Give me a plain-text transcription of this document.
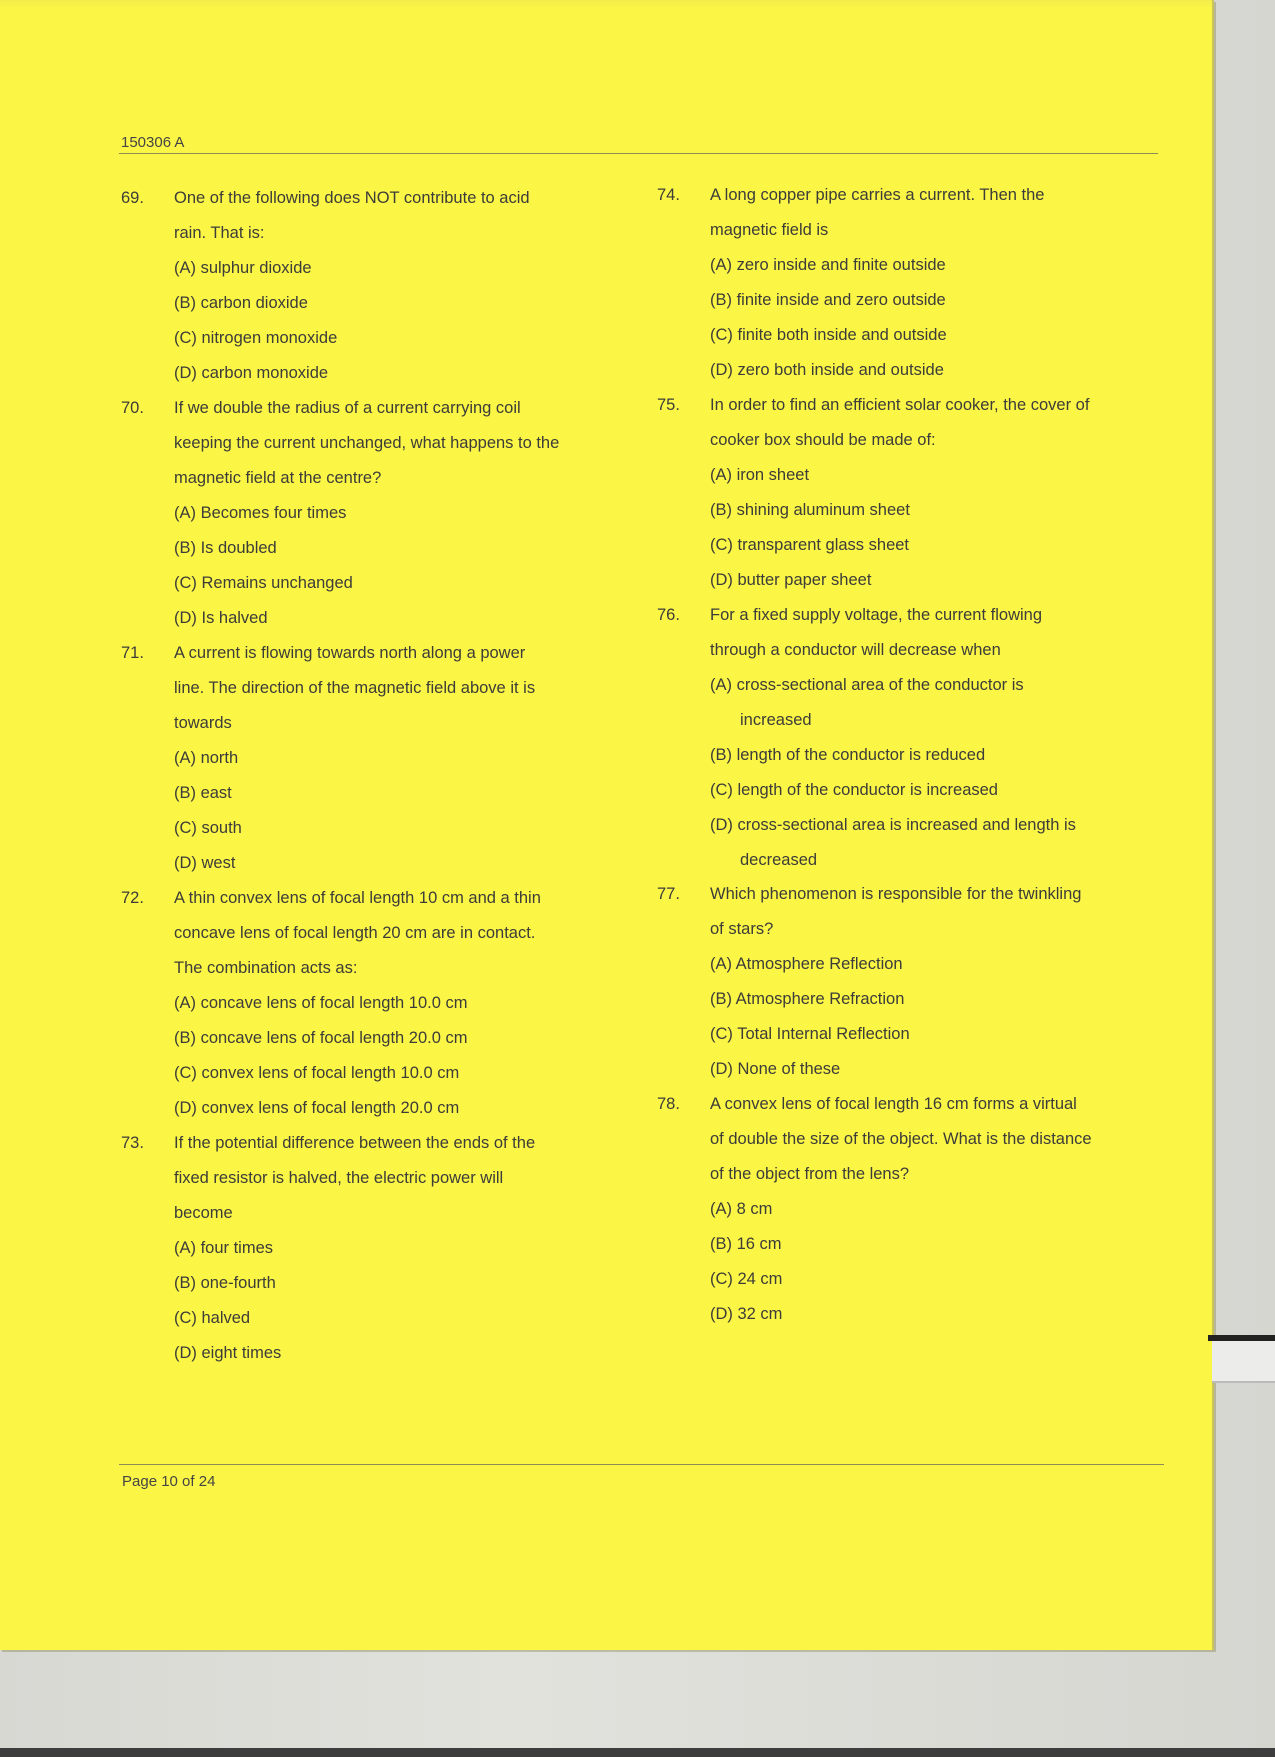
150306 A
69. One of the following does NOT contribute to acid
rain. That is:
(A) sulphur dioxide
(B) carbon dioxide
(C) nitrogen monoxide
(D) carbon monoxide
70. If we double the radius of a current carrying coil
keeping the current unchanged, what happens to the
magnetic field at the centre?
(A) Becomes four times
(B) Is doubled
(C) Remains unchanged
(D) Is halved
71. A current is flowing towards north along a power
line. The direction of the magnetic field above it is
towards
(A) north
(B) east
(C) south
(D) west
72. A thin convex lens of focal length 10 cm and a thin
concave lens of focal length 20 cm are in contact.
The combination acts as:
(A) concave lens of focal length 10.0 cm
(B) concave lens of focal length 20.0 cm
(C) convex lens of focal length 10.0 cm
(D) convex lens of focal length 20.0 cm
73. If the potential difference between the ends of the
fixed resistor is halved, the electric power will
become
(A) four times
(B) one-fourth
(C) halved
(D) eight times
74. A long copper pipe carries a current. Then the
magnetic field is
(A) zero inside and finite outside
(B) finite inside and zero outside
(C) finite both inside and outside
(D) zero both inside and outside
75. In order to find an efficient solar cooker, the cover of
cooker box should be made of:
(A) iron sheet
(B) shining aluminum sheet
(C) transparent glass sheet
(D) butter paper sheet
76. For a fixed supply voltage, the current flowing
through a conductor will decrease when
(A) cross-sectional area of the conductor is
increased
(B) length of the conductor is reduced
(C) length of the conductor is increased
(D) cross-sectional area is increased and length is
decreased
77. Which phenomenon is responsible for the twinkling
of stars?
(A) Atmosphere Reflection
(B) Atmosphere Refraction
(C) Total Internal Reflection
(D) None of these
78. A convex lens of focal length 16 cm forms a virtual
of double the size of the object. What is the distance
of the object from the lens?
(A) 8 cm
(B) 16 cm
(C) 24 cm
(D) 32 cm
Page 10 of 24
